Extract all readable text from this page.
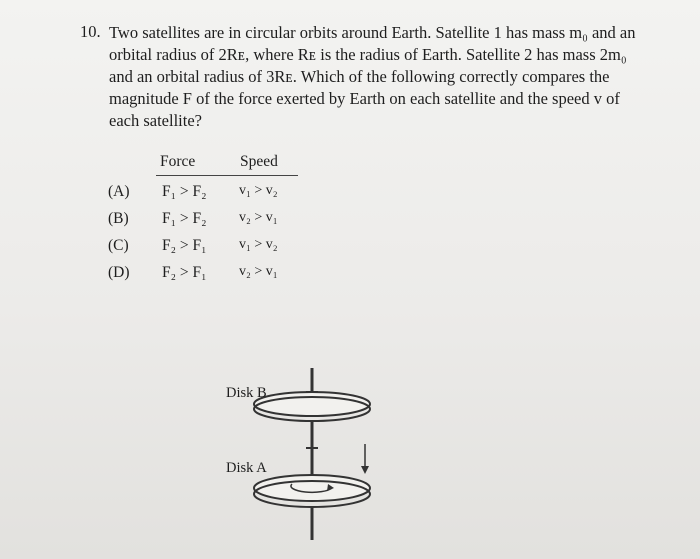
10. Two satellites are in circular orbits around Earth. Satellite 1 has mass m₀ and an
orbital radius of 2Rᴇ, where Rᴇ is the radius of Earth. Satellite 2 has mass 2m₀
and an orbital radius of 3Rᴇ. Which of the following correctly compares the
magnitude F of the force exerted by Earth on each satellite and the speed v of
each satellite?
Force	Speed
(A) F₁ > F₂ v₁ > v₂
(B) F₁ > F₂ v₂ > v₁
(C) F₂ > F₁ v₁ > v₂
(D) F₂ > F₁ v₂ > v₁
Disk B
Disk A
